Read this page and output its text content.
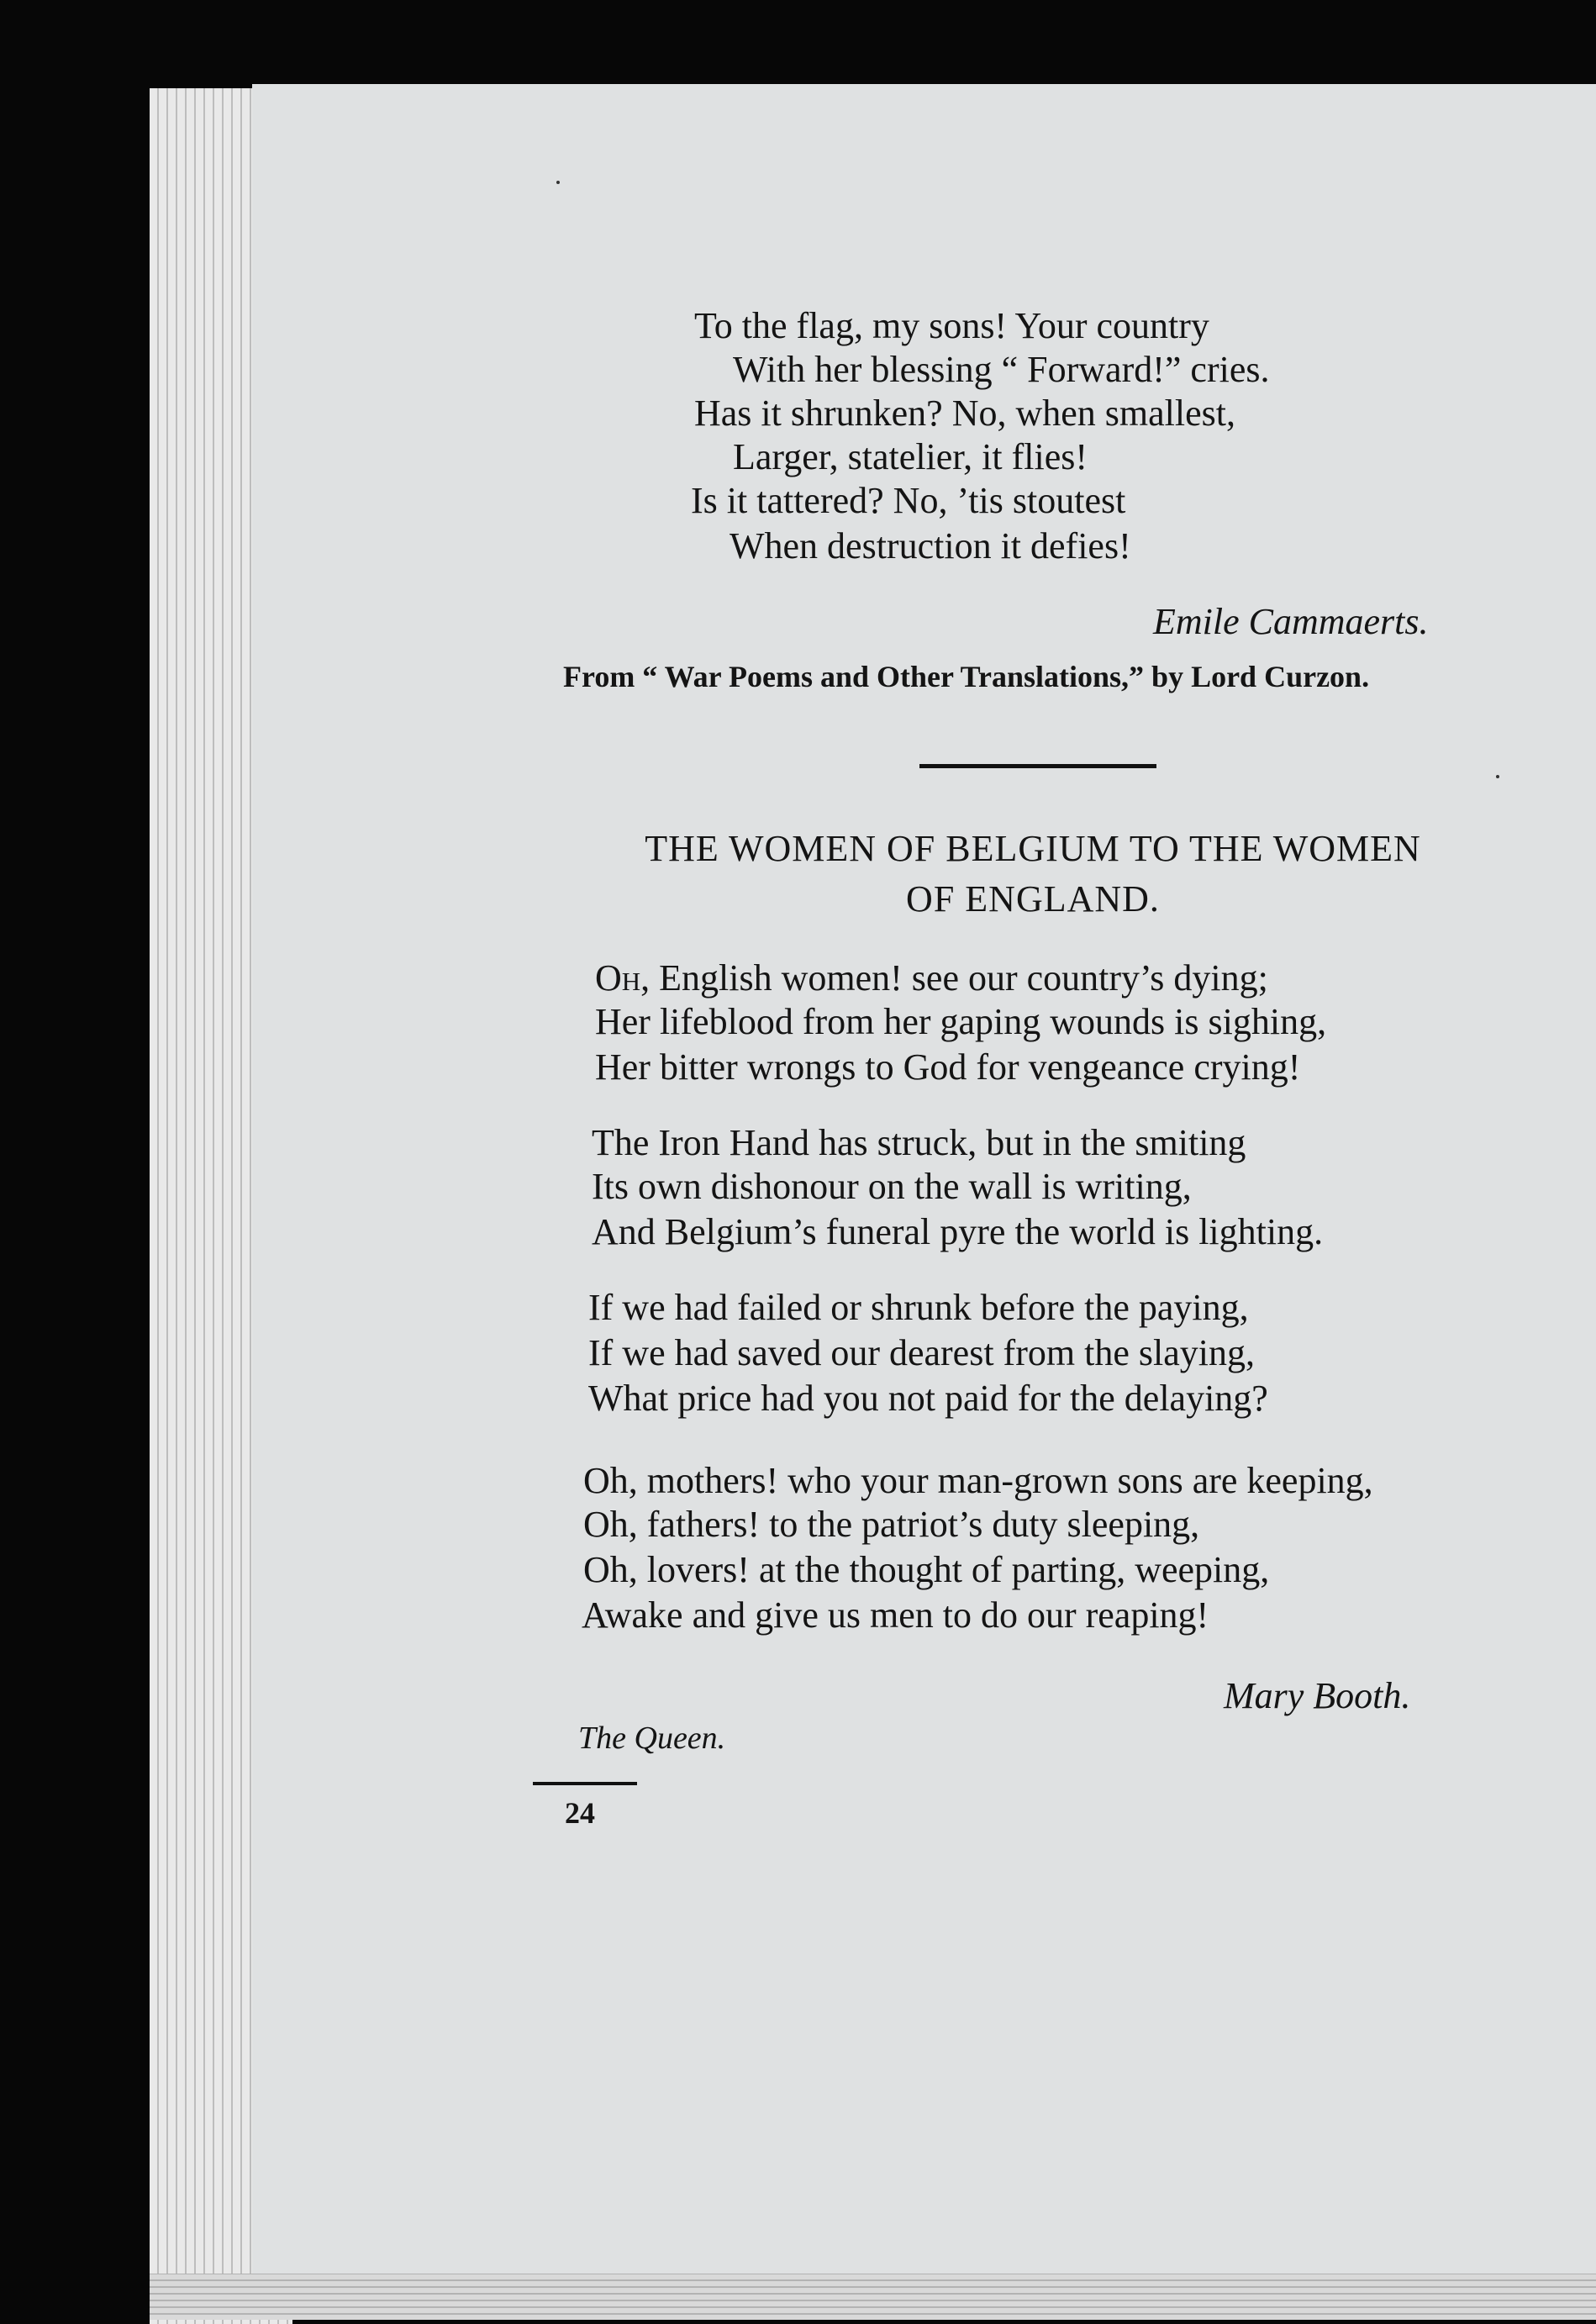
To the flag, my sons! Your country
With her blessing “ Forward!” cries.
Has it shrunken? No, when smallest,
Larger, statelier, it flies!
Is it tattered? No, ’tis stoutest
When destruction it defies!
Emile Cammaerts.
From “ War Poems and Other Translations,” by Lord Curzon.
THE WOMEN OF BELGIUM TO THE WOMEN
OF ENGLAND.
Oh, English women! see our country’s dying;
Her lifeblood from her gaping wounds is sighing,
Her bitter wrongs to God for vengeance crying!
The Iron Hand has struck, but in the smiting
Its own dishonour on the wall is writing,
And Belgium’s funeral pyre the world is lighting.
If we had failed or shrunk before the paying,
If we had saved our dearest from the slaying,
What price had you not paid for the delaying?
Oh, mothers! who your man-grown sons are keeping,
Oh, fathers! to the patriot’s duty sleeping,
Oh, lovers! at the thought of parting, weeping,
Awake and give us men to do our reaping!
Mary Booth.
The Queen.
24
